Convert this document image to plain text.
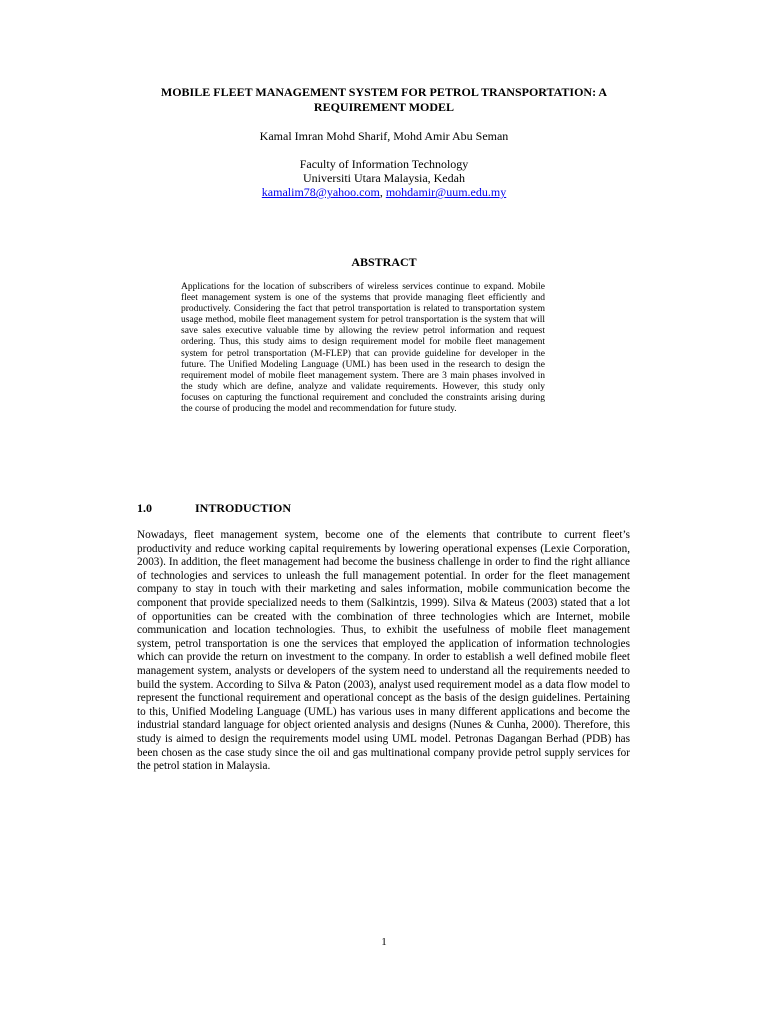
MOBILE FLEET MANAGEMENT SYSTEM FOR PETROL TRANSPORTATION: A REQUIREMENT MODEL

Kamal Imran Mohd Sharif, Mohd Amir Abu Seman

Faculty of Information Technology
Universiti Utara Malaysia, Kedah
kamalim78@yahoo.com, mohdamir@uum.edu.my
ABSTRACT

Applications for the location of subscribers of wireless services continue to expand. Mobile fleet management system is one of the systems that provide managing fleet efficiently and productively. Considering the fact that petrol transportation is related to transportation system usage method, mobile fleet management system for petrol transportation is the system that will save sales executive valuable time by allowing the review petrol information and request ordering. Thus, this study aims to design requirement model for mobile fleet management system for petrol transportation (M-FLEP) that can provide guideline for developer in the future. The Unified Modeling Language (UML) has been used in the research to design the requirement model of mobile fleet management system. There are 3 main phases involved in the study which are define, analyze and validate requirements. However, this study only focuses on capturing the functional requirement and concluded the constraints arising during the course of producing the model and recommendation for future study.

1.0	INTRODUCTION

Nowadays, fleet management system, become one of the elements that contribute to current fleet’s productivity and reduce working capital requirements by lowering operational expenses (Lexie Corporation, 2003). In addition, the fleet management had become the business challenge in order to find the right alliance of technologies and services to unleash the full management potential. In order for the fleet management company to stay in touch with their marketing and sales information, mobile communication become the component that provide specialized needs to them (Salkintzis, 1999). Silva & Mateus (2003) stated that a lot of opportunities can be created with the combination of three technologies which are Internet, mobile communication and location technologies. Thus, to exhibit the usefulness of mobile fleet management system, petrol transportation is one the services that employed the application of information technologies which can provide the return on investment to the company. In order to establish a well defined mobile fleet management system, analysts or developers of the system need to understand all the requirements needed to build the system. According to Silva & Paton (2003), analyst used requirement model as a data flow model to represent the functional requirement and operational concept as the basis of the design guidelines. Pertaining to this, Unified Modeling Language (UML) has various uses in many different applications and become the industrial standard language for object oriented analysis and designs (Nunes & Cunha, 2000). Therefore, this study is aimed to design the requirements model using UML model. Petronas Dagangan Berhad (PDB) has been chosen as the case study since the oil and gas multinational company provide petrol supply services for the petrol station in Malaysia.

1
